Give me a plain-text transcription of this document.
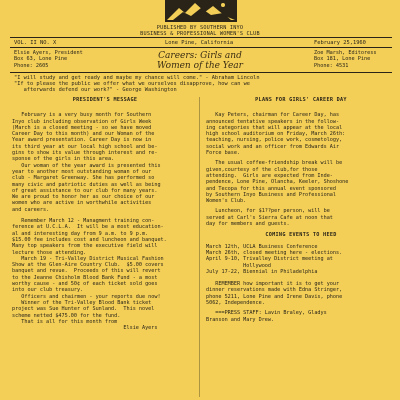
PUBLISHED BY SOUTHERN INYO
BUSINESS & PROFESSIONAL WOMEN'S CLUB
VOL. II NO. X	Lone Pine, California	February 25,1960
Elsie Ayers, President
Box 63, Lone Pine
Phone: 2605
Careers: Girls and
Women of the Year
Zoe Marsh, Editoress
Box 181, Lone Pine
Phone: 4531
"I will study and get ready and maybe my chance will come." - Abraham Lincoln
"If to please the public we offer what we ourselves disapprove, how can we
afterwards defend our work?" - George Washington
PRESIDENT'S MESSAGE

February is a very busy month for Southern
Inyo club including observation of Girls Week
(March is a closed meeting - so we have moved
Career Day to this month) and our Woman of the
Year award presentation. Career Day is now in
its third year at our local high school and be-
gins to show its value through interest and re-
sponse of the girls in this area.

Our woman of the year award is presented this
year to another most outstanding woman of our
club - Margaret Greenway. She has performed so
many civic and patriotic duties as well as being
of great assistance to our club for many years.
We are proud to honor her as our choice of our
women who are active in worthwhile activities
and careers.

Remember March 12 - Managment training con-
ference at U.C.L.A.  It will be a most education-
al and interesting day from 9 a.m. to 9 p.m.
$15.00 fee includes cost and luncheon and banquet.
Many top speakers from the executive field will
lecture those attending.

March 19 - Tri-Valley District Musical Fashion
Show at the Glen-Aire Country Club.  $5.00 covers
banquet and revue.  Proceeds of this will revert
to the Jeanne Chisholm Blood Bank Fund - a most
worthy cause - and 50¢ of each ticket sold goes
into our club treasury.

Officers and chairmen - your reports due now!
Winner of the Tri-Valley Blood Bank ticket
project was Sue Hunter of Sunland.  This novel
scheme netted $475.00 for the fund.
That is all for this month from

Elsie Ayers

PLANS FOR GIRLS' CAREER DAY

Kay Peters, chairman for Career Day, has
announced tentative speakers in the follow-
ing categories that will appear at the local
high school auditorium on Friday, March 26th:
teaching, nursing, police work, cosmetology,
social work and an officer from Edwards Air
Force base.

The usual coffee-friendship break will be
given,courtesy of the club,for those
attending.  Girls are expected from Inde-
pendence, Lone Pine, Olancha, Keeler, Shoshone
and Tecopa for this annual event sponsored
by Southern Inyo Business and Professional
Women's Club.

Luncheon, for $1??per person, will be
served at Carl's Sierra Cafe at noon that
day for members and guests.

COMING EVENTS TO HEED

March 12th, UCLA Business Conference

March 26th, closed meeting here - elections.

April 9-10, Trivalley District meeting at
Hollywood

July 17-22, Biennial in Philadelphia

REMEMBER how important it is to get your
dinner reservations made with Edna Stringer,
phone 5211, Lone Pine and Irene Davis, phone
5062, Independence.

===PRESS STAFF: Lavin Braley, Gladys
Branson and Mary Drew.
